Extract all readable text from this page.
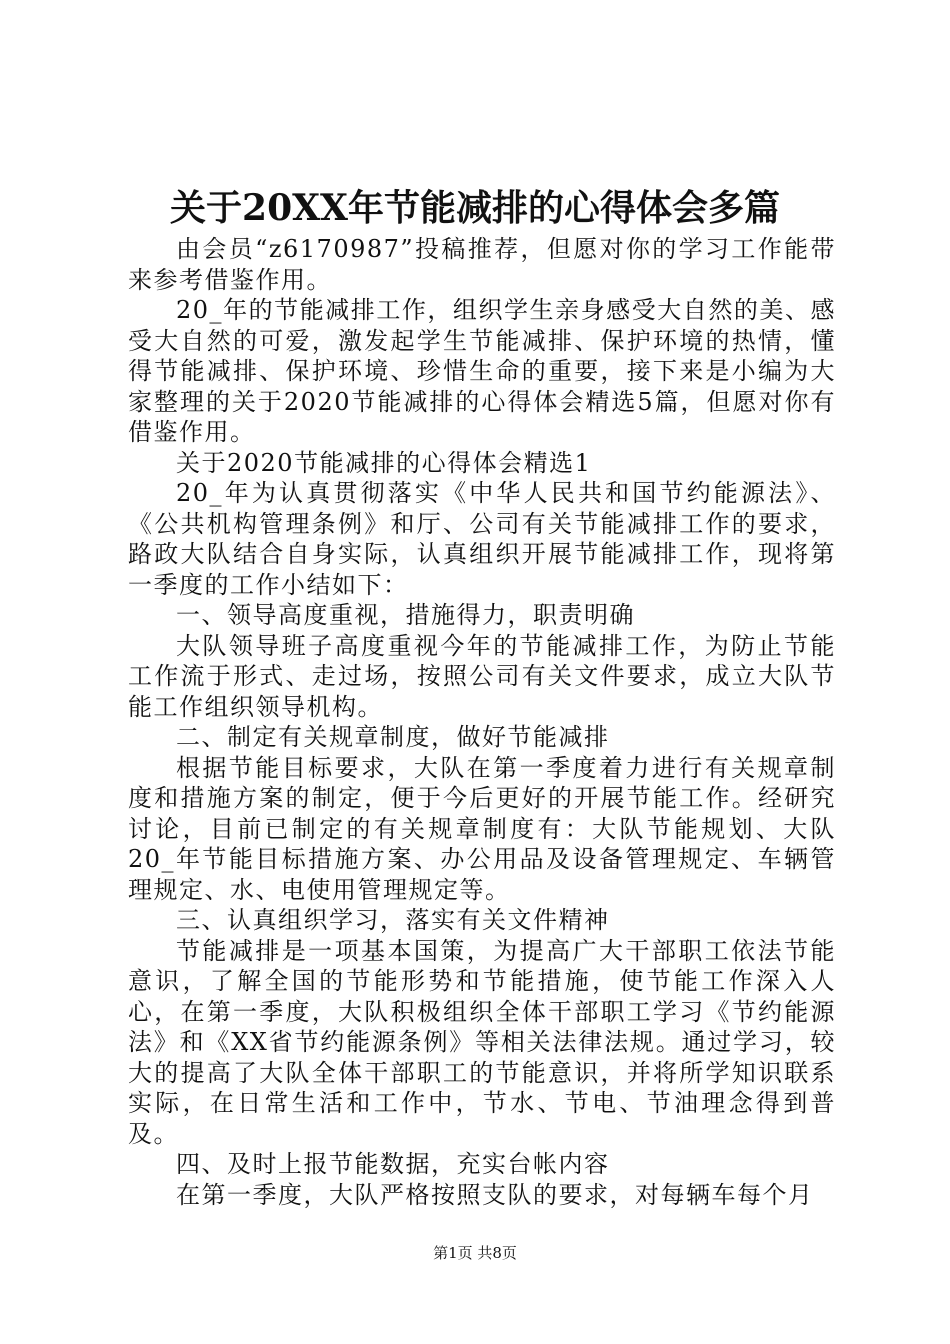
关于20XX年节能减排的心得体会多篇

由会员“z6170987”投稿推荐，但愿对你的学习工作能带来参考借鉴作用。

20_年的节能减排工作，组织学生亲身感受大自然的美、感受大自然的可爱，激发起学生节能减排、保护环境的热情，懂得节能减排、保护环境、珍惜生命的重要，接下来是小编为大家整理的关于2020节能减排的心得体会精选5篇，但愿对你有借鉴作用。

关于2020节能减排的心得体会精选1

20_年为认真贯彻落实《中华人民共和国节约能源法》、《公共机构管理条例》和厅、公司有关节能减排工作的要求，路政大队结合自身实际，认真组织开展节能减排工作，现将第一季度的工作小结如下：

一、领导高度重视，措施得力，职责明确

大队领导班子高度重视今年的节能减排工作，为防止节能工作流于形式、走过场，按照公司有关文件要求，成立大队节能工作组织领导机构。

二、制定有关规章制度，做好节能减排

根据节能目标要求，大队在第一季度着力进行有关规章制度和措施方案的制定，便于今后更好的开展节能工作。经研究讨论，目前已制定的有关规章制度有：大队节能规划、大队20_年节能目标措施方案、办公用品及设备管理规定、车辆管理规定、水、电使用管理规定等。

三、认真组织学习，落实有关文件精神

节能减排是一项基本国策，为提高广大干部职工依法节能意识，了解全国的节能形势和节能措施，使节能工作深入人心，在第一季度，大队积极组织全体干部职工学习《节约能源法》和《XX省节约能源条例》等相关法律法规。通过学习，较大的提高了大队全体干部职工的节能意识，并将所学知识联系实际，在日常生活和工作中，节水、节电、节油理念得到普及。

四、及时上报节能数据，充实台帐内容

在第一季度，大队严格按照支队的要求，对每辆车每个月

第1页 共8页
